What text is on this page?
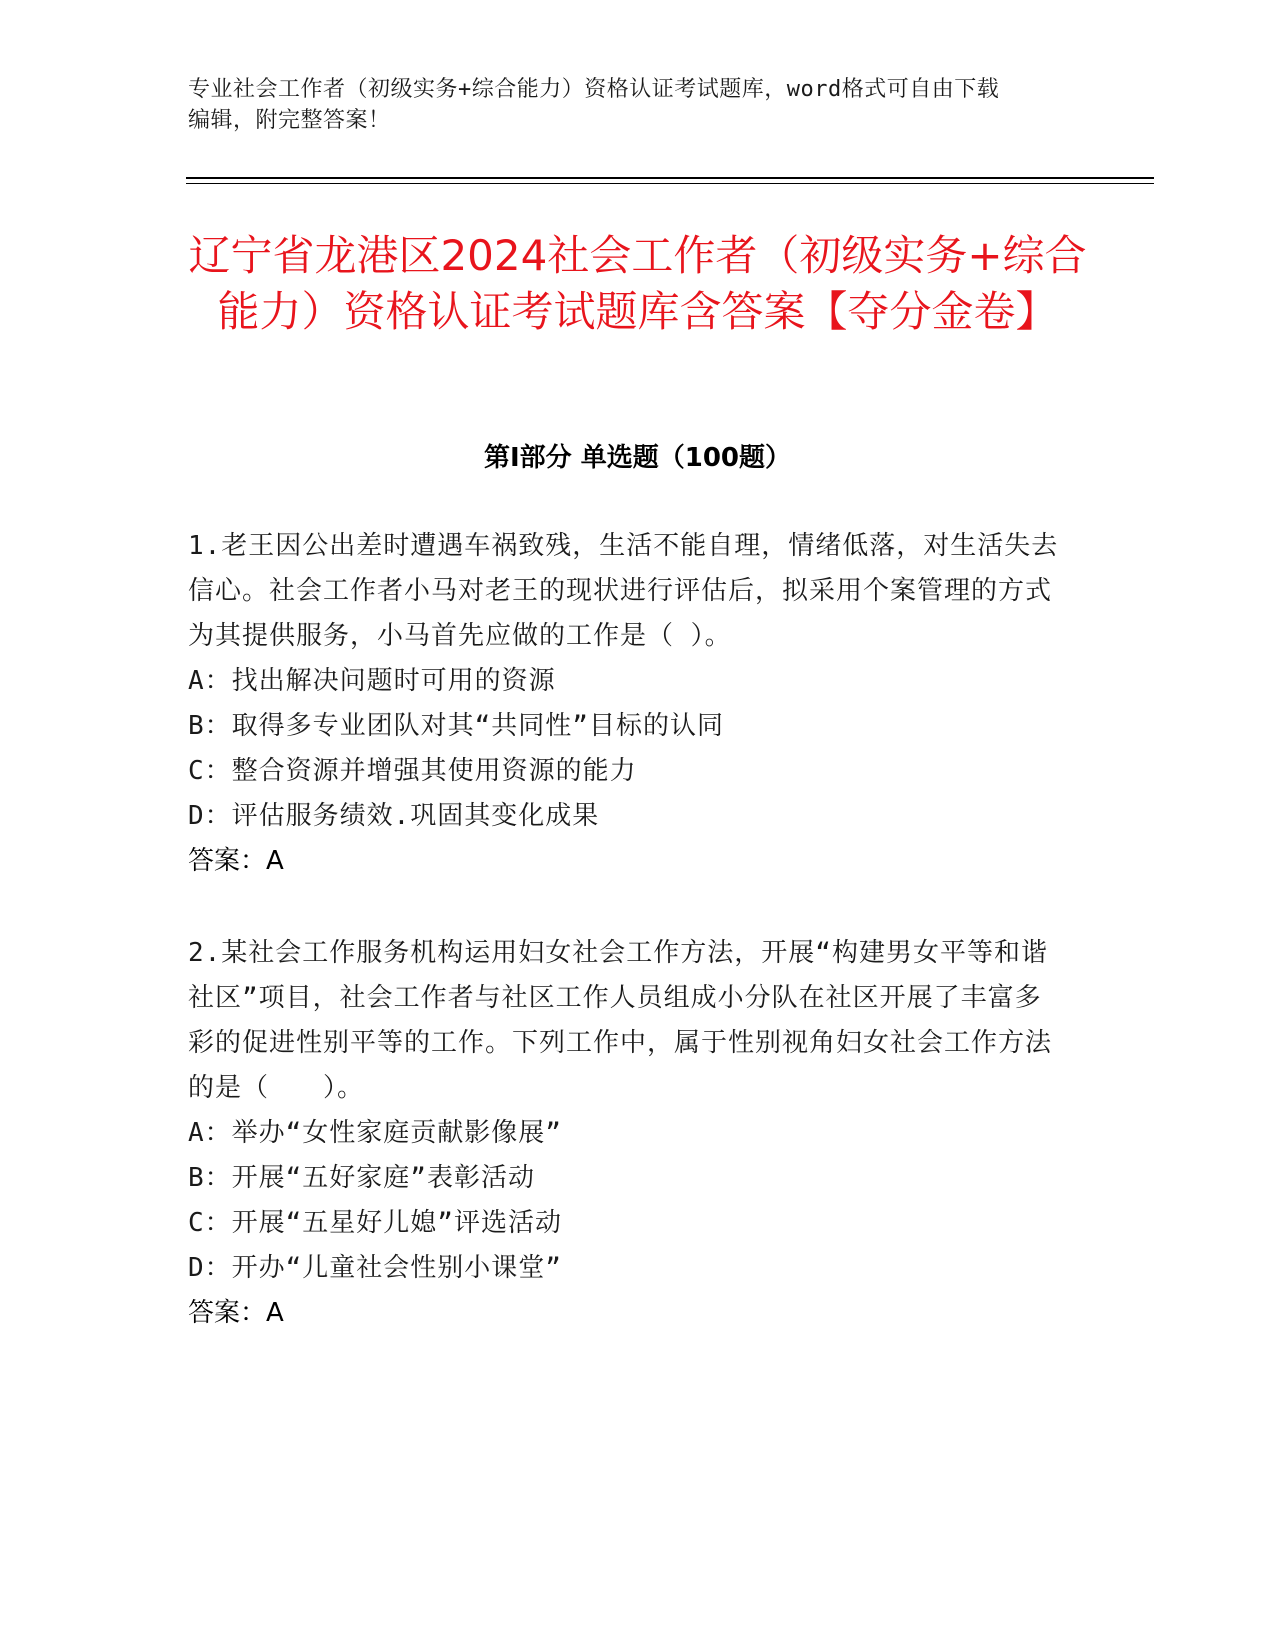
专业社会工作者（初级实务+综合能力）资格认证考试题库，word格式可自由下载
编辑，附完整答案！
辽宁省龙港区2024社会工作者（初级实务+综合能力）资格认证考试题库含答案【夺分金卷】
第Ⅰ部分 单选题（100题）

1.老王因公出差时遭遇车祸致残，生活不能自理，情绪低落，对生活失去信心。社会工作者小马对老王的现状进行评估后，拟采用个案管理的方式为其提供服务，小马首先应做的工作是（ ）。

A：找出解决问题时可用的资源

B：取得多专业团队对其“共同性”目标的认同

C：整合资源并增强其使用资源的能力

D：评估服务绩效.巩固其变化成果

答案：A

2.某社会工作服务机构运用妇女社会工作方法，开展“构建男女平等和谐社区”项目，社会工作者与社区工作人员组成小分队在社区开展了丰富多彩的促进性别平等的工作。下列工作中，属于性别视角妇女社会工作方法的是（　　）。

A：举办“女性家庭贡献影像展”

B：开展“五好家庭”表彰活动

C：开展“五星好儿媳”评选活动

D：开办“儿童社会性别小课堂”

答案：A
